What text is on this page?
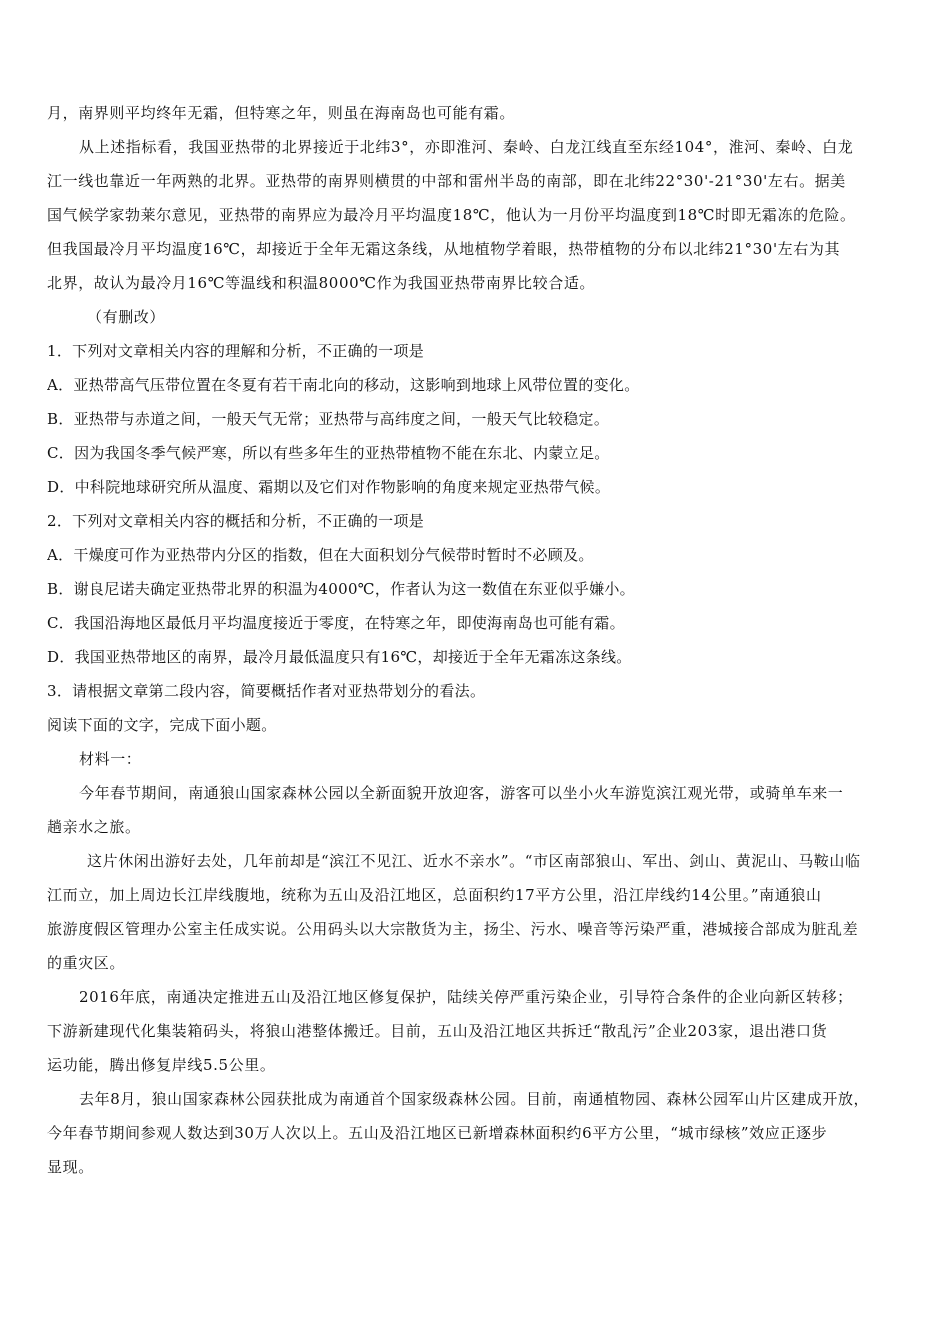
月，南界则平均终年无霜，但特寒之年，则虽在海南岛也可能有霜。
从上述指标看，我国亚热带的北界接近于北纬3°，亦即淮河、秦岭、白龙江线直至东经104°，淮河、秦岭、白龙
江一线也靠近一年两熟的北界。亚热带的南界则横贯的中部和雷州半岛的南部，即在北纬22°30'-21°30'左右。据美
国气候学家勃莱尔意见，亚热带的南界应为最冷月平均温度18℃，他认为一月份平均温度到18℃时即无霜冻的危险。
但我国最冷月平均温度16℃，却接近于全年无霜这条线，从地植物学着眼，热带植物的分布以北纬21°30'左右为其
北界，故认为最冷月16℃等温线和积温8000℃作为我国亚热带南界比较合适。
（有删改）
1．下列对文章相关内容的理解和分析，不正确的一项是
A．亚热带高气压带位置在冬夏有若干南北向的移动，这影响到地球上风带位置的变化。
B．亚热带与赤道之间，一般天气无常；亚热带与高纬度之间，一般天气比较稳定。
C．因为我国冬季气候严寒，所以有些多年生的亚热带植物不能在东北、内蒙立足。
D．中科院地球研究所从温度、霜期以及它们对作物影响的角度来规定亚热带气候。
2．下列对文章相关内容的概括和分析，不正确的一项是
A．干燥度可作为亚热带内分区的指数，但在大面积划分气候带时暂时不必顾及。
B．谢良尼诺夫确定亚热带北界的积温为4000℃，作者认为这一数值在东亚似乎嫌小。
C．我国沿海地区最低月平均温度接近于零度，在特寒之年，即使海南岛也可能有霜。
D．我国亚热带地区的南界，最冷月最低温度只有16℃，却接近于全年无霜冻这条线。
3．请根据文章第二段内容，简要概括作者对亚热带划分的看法。
阅读下面的文字，完成下面小题。
材料一：
今年春节期间，南通狼山国家森林公园以全新面貌开放迎客，游客可以坐小火车游览滨江观光带，或骑单车来一
趟亲水之旅。
这片休闲出游好去处，几年前却是“滨江不见江、近水不亲水”。“市区南部狼山、军出、剑山、黄泥山、马鞍山临
江而立，加上周边长江岸线腹地，统称为五山及沿江地区，总面积约17平方公里，沿江岸线约14公里。”南通狼山
旅游度假区管理办公室主任成实说。公用码头以大宗散货为主，扬尘、污水、噪音等污染严重，港城接合部成为脏乱差
的重灾区。
2016年底，南通决定推进五山及沿江地区修复保护，陆续关停严重污染企业，引导符合条件的企业向新区转移；
下游新建现代化集装箱码头，将狼山港整体搬迁。目前，五山及沿江地区共拆迁“散乱污”企业203家，退出港口货
运功能，腾出修复岸线5.5公里。
去年8月，狼山国家森林公园获批成为南通首个国家级森林公园。目前，南通植物园、森林公园军山片区建成开放，
今年春节期间参观人数达到30万人次以上。五山及沿江地区已新增森林面积约6平方公里，“城市绿核”效应正逐步
显现。
